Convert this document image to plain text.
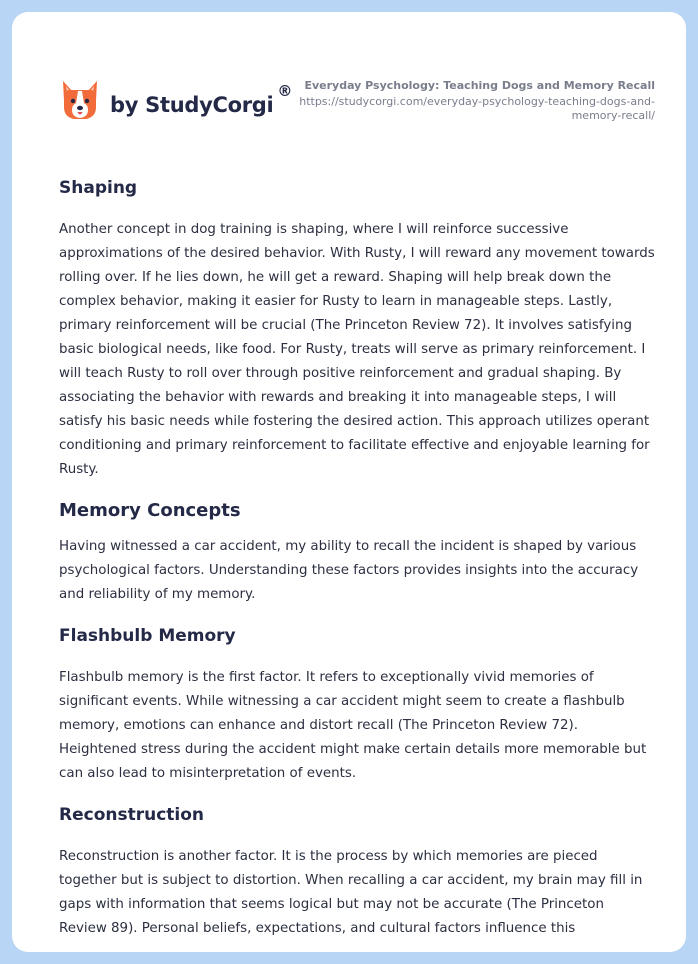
by StudyCorgi
®	Everyday Psychology: Teaching Dogs and Memory Recall
https://studycorgi.com/everyday-psychology-teaching-dogs-and-memory-recall/
Shaping

Another concept in dog training is shaping, where I will reinforce successive approximations of the desired behavior. With Rusty, I will reward any movement towards rolling over. If he lies down, he will get a reward. Shaping will help break down the complex behavior, making it easier for Rusty to learn in manageable steps. Lastly, primary reinforcement will be crucial (The Princeton Review 72). It involves satisfying basic biological needs, like food. For Rusty, treats will serve as primary reinforcement. I will teach Rusty to roll over through positive reinforcement and gradual shaping. By associating the behavior with rewards and breaking it into manageable steps, I will satisfy his basic needs while fostering the desired action. This approach utilizes operant conditioning and primary reinforcement to facilitate effective and enjoyable learning for Rusty.

Memory Concepts

Having witnessed a car accident, my ability to recall the incident is shaped by various psychological factors. Understanding these factors provides insights into the accuracy and reliability of my memory.

Flashbulb Memory

Flashbulb memory is the first factor. It refers to exceptionally vivid memories of significant events. While witnessing a car accident might seem to create a flashbulb memory, emotions can enhance and distort recall (The Princeton Review 72). Heightened stress during the accident might make certain details more memorable but can also lead to misinterpretation of events.

Reconstruction

Reconstruction is another factor. It is the process by which memories are pieced together but is subject to distortion. When recalling a car accident, my brain may fill in gaps with information that seems logical but may not be accurate (The Princeton Review 89). Personal beliefs, expectations, and cultural factors influence this
